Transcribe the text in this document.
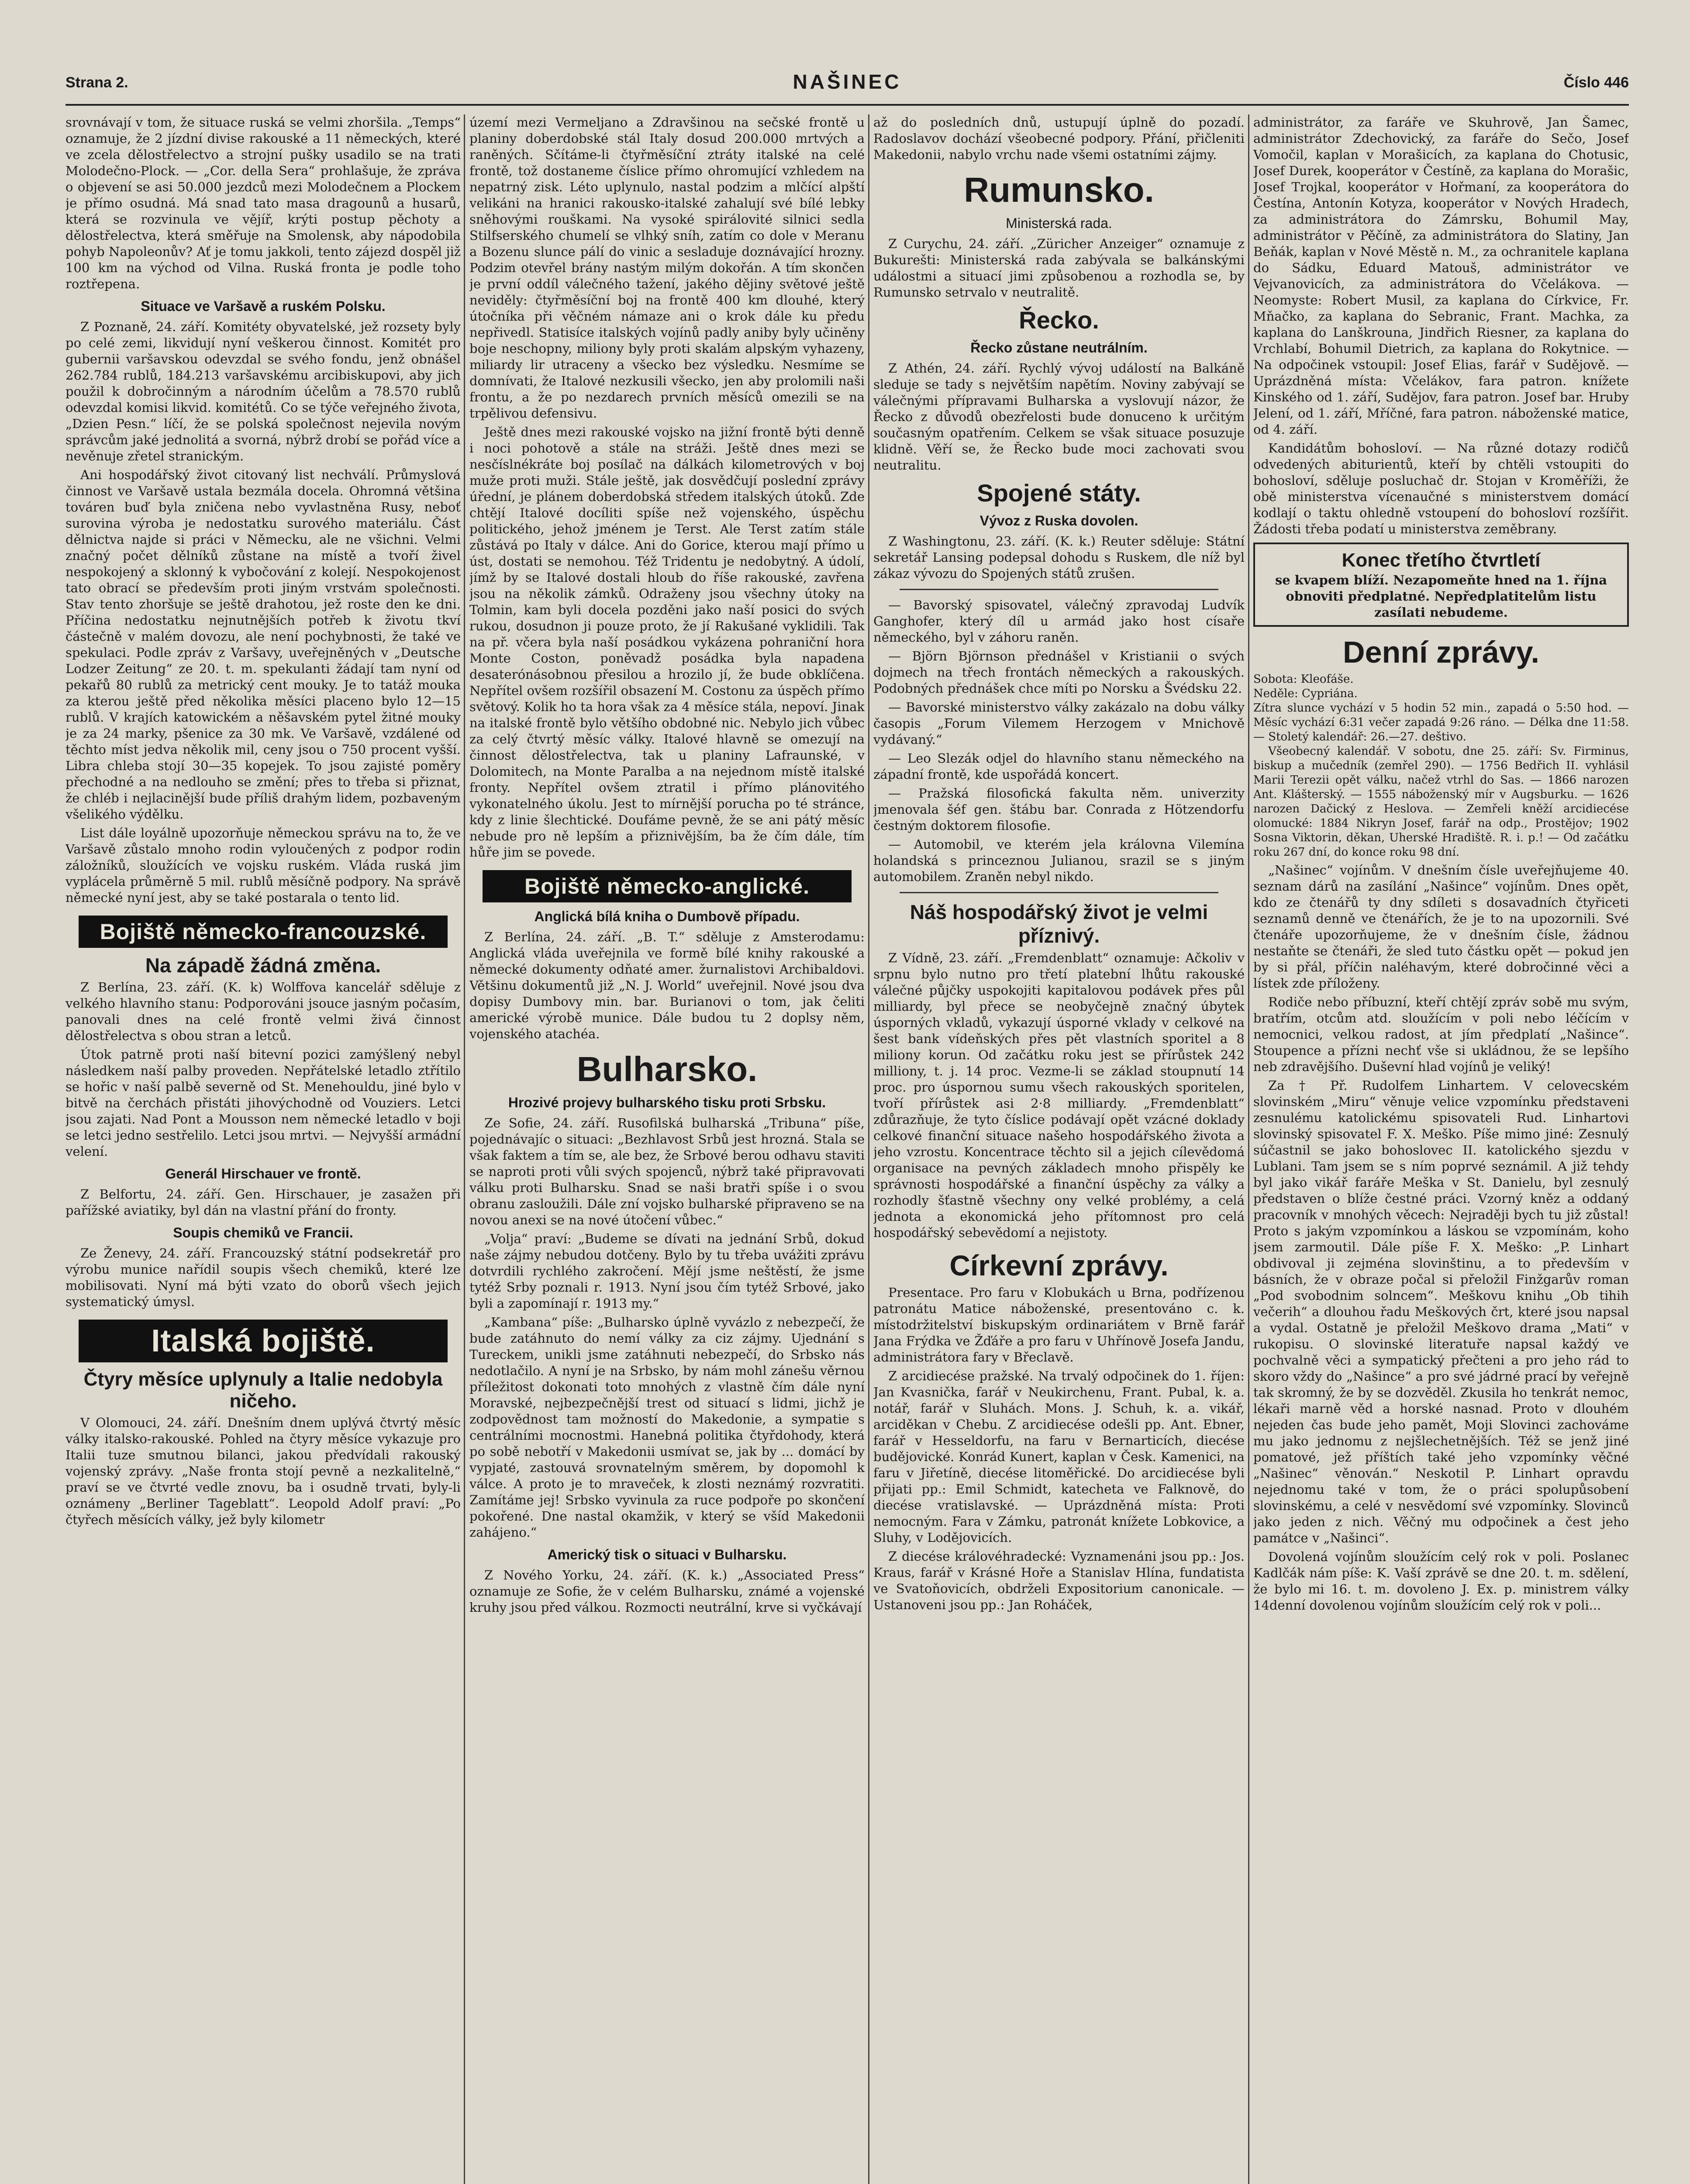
Strana 2.	NAŠINEC	Číslo 446

srovnávají v tom, že situace ruská se velmi zhoršila. „Temps“ oznamuje, že 2 jízdní divise rakouské a 11 německých, které ve zcela dělostřelectvo a strojní pušky usadilo se na trati Molodečno-Plock. — „Cor. della Sera“ prohlašuje, že zpráva o objevení se asi 50.000 jezdců mezi Molodečnem a Plockem je přímo osudná. Má snad tato masa dragounů a husarů, která se rozvinula ve vějíř, krýti postup pěchoty a dělostřelectva, která směřuje na Smolensk, aby nápodobila pohyb Napoleonův? Ať je tomu jakkoli, tento zájezd dospěl již 100 km na východ od Vilna. Ruská fronta je podle toho roztřepena.

Situace ve Varšavě a ruském Polsku.

Z Poznaně, 24. září. Komitéty obyvatelské, jež rozsety byly po celé zemi, likvidují nyní veškerou činnost. Komitét pro gubernii varšavskou odevzdal se svého fondu, jenž obnášel 262.784 rublů, 184.213 varšavskému arcibiskupovi, aby jich použil k dobročinným a národním účelům a 78.570 rublů odevzdal komisi likvid. komitétů. Co se týče veřejného života, „Dzien Pesn.“ líčí, že se polská společnost nejevila novým správcům jaké jednolitá a svorná, nýbrž drobí se pořád více a nevěnuje zřetel stranickým.

Ani hospodářský život citovaný list nechválí. Průmyslová činnost ve Varšavě ustala bezmála docela. Ohromná většina továren buď byla zničena nebo vyvlastněna Rusy, neboť surovina výroba je nedostatku surového materiálu. Část dělnictva najde si práci v Německu, ale ne všichni. Velmi značný počet dělníků zůstane na místě a tvoří živel nespokojený a sklonný k vybočování z kolejí. Nespokojenost tato obrací se především proti jiným vrstvám společnosti. Stav tento zhoršuje se ještě drahotou, jež roste den ke dni. Příčina nedostatku nejnutnějších potřeb k životu tkví částečně v malém dovozu, ale není pochybnosti, že také ve spekulaci. Podle zpráv z Varšavy, uveřejněných v „Deutsche Lodzer Zeitung“ ze 20. t. m. spekulanti žádají tam nyní od pekařů 80 rublů za metrický cent mouky. Je to tatáž mouka za kterou ještě před několika měsíci placeno bylo 12—15 rublů. V krajích katowickém a něšavském pytel žitné mouky je za 24 marky, pšenice za 30 mk. Ve Varšavě, vzdálené od těchto míst jedva několik mil, ceny jsou o 750 procent vyšší. Libra chleba stojí 30—35 kopejek. To jsou zajisté poměry přechodné a na nedlouho se změní; přes to třeba si přiznat, že chléb i nejlacinější bude příliš drahým lidem, pozbaveným všelikého výdělku.

List dále loyálně upozorňuje německou správu na to, že ve Varšavě zůstalo mnoho rodin vyloučených z podpor rodin záložníků, sloužících ve vojsku ruském. Vláda ruská jim vyplácela průměrně 5 mil. rublů měsíčně podpory. Na správě německé nyní jest, aby se také postarala o tento lid.

Bojiště německo-francouzské.
Na západě žádná změna.

Z Berlína, 23. září. (K. k) Wolffova kancelář sděluje z velkého hlavního stanu: Podporováni jsouce jasným počasím, panovali dnes na celé frontě velmi živá činnost dělostřelectva s obou stran a letců.

Útok patrně proti naší bitevní pozici zamýšlený nebyl následkem naší palby proveden. Nepřátelské letadlo ztřítilo se hořic v naší palbě severně od St. Menehouldu, jiné bylo v bitvě na čerchách přistáti jihovýchodně od Vouziers. Letci jsou zajati. Nad Pont a Mousson nem německé letadlo v boji se letci jedno sestřelilo. Letci jsou mrtvi. — Nejvyšší armádní velení.

Generál Hirschauer ve frontě.

Z Belfortu, 24. září. Gen. Hirschauer, je zasažen při pařížské aviatiky, byl dán na vlastní přání do fronty.

Soupis chemiků ve Francii.

Ze Ženevy, 24. září. Francouzský státní podsekretář pro výrobu munice nařídil soupis všech chemiků, které lze mobilisovati. Nyní má býti vzato do oborů všech jejich systematický úmysl.

Italská bojiště.
Čtyry měsíce uplynuly a Italie nedobyla ničeho.

V Olomouci, 24. září. Dnešním dnem uplývá čtvrtý měsíc války italsko-rakouské. Pohled na čtyry měsíce vykazuje pro Italii tuze smutnou bilanci, jakou předvídali rakouský vojenský zprávy. „Naše fronta stojí pevně a nezkalitelně,“ praví se ve čtvrté vedle znovu, ba i osudně trvati, byly-li oznámeny „Berliner Tageblatt“. Leopold Adolf praví: „Po čtyřech měsících války, jež byly kilometr

území mezi Vermeljano a Zdravšinou na sečské frontě u planiny doberdobské stál Italy dosud 200.000 mrtvých a raněných. Sčítáme-li čtyřměsíční ztráty italské na celé frontě, tož dostaneme číslice přímo ohromující vzhledem na nepatrný zisk. Léto uplynulo, nastal podzim a mlčící alpští velikáni na hranici rakousko-italské zahalují své bílé lebky sněhovými rouškami. Na vysoké spirálovité silnici sedla Stilfserského chumelí se vlhký sníh, zatím co dole v Meranu a Bozenu slunce pálí do vinic a sesladuje doznávající hrozny. Podzim otevřel brány nastým milým dokořán. A tím skončen je první oddíl válečného tažení, jakého dějiny světové ještě neviděly: čtyřměsíční boj na frontě 400 km dlouhé, který útočníka při věčném námaze ani o krok dále ku předu nepřivedl. Statisíce italských vojínů padly aniby byly učiněny boje neschopny, miliony byly proti skalám alpským vyhazeny, miliardy lir utraceny a všecko bez výsledku. Nesmíme se domnívati, že Italové nezkusili všecko, jen aby prolomili naši frontu, a že po nezdarech prvních měsíců omezili se na trpělivou defensivu.

Ještě dnes mezi rakouské vojsko na jižní frontě býti denně i noci pohotově a stále na stráži. Ještě dnes mezi se nesčíslnékráte boj posílač na dálkách kilometrových v boj muže proti muži. Stále ještě, jak dosvědčují poslední zprávy úřední, je plánem doberdobská středem italských útoků. Zde chtějí Italové docíliti spíše než vojenského, úspěchu politického, jehož jménem je Terst. Ale Terst zatím stále zůstává po Italy v dálce. Ani do Gorice, kterou mají přímo u úst, dostati se nemohou. Též Tridentu je nedobytný. A údolí, jímž by se Italové dostali hloub do říše rakouské, zavřena jsou na několik zámků. Odraženy jsou všechny útoky na Tolmin, kam byli docela pozděni jako naší posici do svých rukou, dosudnon ji pouze proto, že jí Rakušané vyklidili. Tak na př. včera byla naší posádkou vykázena pohraniční hora Monte Coston, poněvadž posádka byla napadena desaterónásobnou přesilou a hrozilo jí, že bude obklíčena. Nepřítel ovšem rozšířil obsazení M. Costonu za úspěch přímo světový. Kolik ho ta hora však za 4 měsíce stála, nepoví. Jinak na italské frontě bylo většího obdobné nic. Nebylo jich vůbec za celý čtvrtý měsíc války. Italové hlavně se omezují na činnost dělostřelectva, tak u planiny Lafraunské, v Dolomitech, na Monte Paralba a na nejednom místě italské fronty. Nepřítel ovšem ztratil i přímo plánovitého vykonatelného úkolu. Jest to mírnější porucha po té stránce, kdy z linie šlechtické. Doufáme pevně, že se ani pátý měsíc nebude pro ně lepším a přiznivějším, ba že čím dále, tím hůře jim se povede.

Bojiště německo-anglické.
Anglická bílá kniha o Dumbově případu.

Z Berlína, 24. září. „B. T.“ sděluje z Amsterodamu: Anglická vláda uveřejnila ve formě bílé knihy rakouské a německé dokumenty odňaté amer. žurnalistovi Archibaldovi. Většinu dokumentů již „N. J. World“ uveřejnil. Nové jsou dva dopisy Dumbovy min. bar. Burianovi o tom, jak čeliti americké výrobě munice. Dále budou tu 2 doplsy něm, vojenského atachéa.

Bulharsko.
Hrozivé projevy bulharského tisku proti Srbsku.

Ze Sofie, 24. září. Rusofilská bulharská „Tribuna“ píše, pojednávajíc o situaci: „Bezhlavost Srbů jest hrozná. Stala se však faktem a tím se, ale bez, že Srbové berou odhavu staviti se naproti proti vůli svých spojenců, nýbrž také připravovati válku proti Bulharsku. Snad se naši bratři spíše i o svou obranu zasloužili. Dále zní vojsko bulharské připraveno se na novou anexi se na nové útočení vůbec.“

„Volja“ praví: „Budeme se dívati na jednání Srbů, dokud naše zájmy nebudou dotčeny. Bylo by tu třeba uvážiti zprávu dotvrdili rychlého zakročení. Mějí jsme neštěstí, že jsme tytéž Srby poznali r. 1913. Nyní jsou čím tytéž Srbové, jako byli a zapomínají r. 1913 my.“

„Kambana“ píše: „Bulharsko úplně vyvázlo z nebezpečí, že bude zatáhnuto do nemí války za ciz zájmy. Ujednání s Tureckem, unikli jsme zatáhnuti nebezpečí, do Srbsko nás nedotlačilo. A nyní je na Srbsko, by nám mohl zánešu věrnou příležitost dokonati toto mnohých z vlastně čím dále nyní Moravské, nejbezpečnější trest od situací s lidmi, jichž je zodpovědnost tam možností do Makedonie, a sympatie s centrálními mocnostmi. Hanebná politika čtyřdohody, která po sobě nebotří v Makedonii usmívat se, jak by ... domácí by vypjaté, zastouvá srovnatelným směrem, by dopomohl k válce. A proto je to mraveček, k zlosti neznámý rozvratiti. Zamítáme jej! Srbsko vyvinula za ruce podpoře po skončení pokořené. Dne nastal okamžik, v který se všíd Makedonii zahájeno.“

Americký tisk o situaci v Bulharsku.

Z Nového Yorku, 24. září. (K. k.) „Associated Press“ oznamuje ze Sofie, že v celém Bulharsku, známé a vojenské kruhy jsou před válkou. Rozmocti neutrální, krve si vyčkávají

až do posledních dnů, ustupují úplně do pozadí. Radoslavov dochází všeobecné podpory. Přání, přičleniti Makedonii, nabylo vrchu nade všemi ostatními zájmy.

Rumunsko.
Ministerská rada.

Z Curychu, 24. září. „Züricher Anzeiger“ oznamuje z Bukurešti: Ministerská rada zabývala se balkánskými událostmi a situací jimi způsobenou a rozhodla se, by Rumunsko setrvalo v neutralitě.

Řecko.
Řecko zůstane neutrálním.

Z Athén, 24. září. Rychlý vývoj událostí na Balkáně sleduje se tady s největším napětím. Noviny zabývají se válečnými přípravami Bulharska a vyslovují názor, že Řecko z důvodů obezřelosti bude donuceno k určitým současným opatřením. Celkem se však situace posuzuje klidně. Věří se, že Řecko bude moci zachovati svou neutralitu.

Spojené státy.
Vývoz z Ruska dovolen.

Z Washingtonu, 23. září. (K. k.) Reuter sděluje: Státní sekretář Lansing podepsal dohodu s Ruskem, dle níž byl zákaz vývozu do Spojených států zrušen.

— Bavorský spisovatel, válečný zpravodaj Ludvík Ganghofer, který díl u armád jako host císaře německého, byl v záhoru raněn.

— Björn Björnson přednášel v Kristianii o svých dojmech na třech frontách německých a rakouských. Podobných přednášek chce míti po Norsku a Švédsku 22.

— Bavorské ministerstvo války zakázalo na dobu války časopis „Forum Vilemem Herzogem v Mnichově vydávaný.“

— Leo Slezák odjel do hlavního stanu německého na západní frontě, kde uspořádá koncert.

— Pražská filosofická fakulta něm. univerzity jmenovala šéf gen. štábu bar. Conrada z Hötzendorfu čestným doktorem filosofie.

— Automobil, ve kterém jela královna Vilemína holandská s princeznou Julianou, srazil se s jiným automobilem. Zraněn nebyl nikdo.

Náš hospodářský život je velmi příznivý.

Z Vídně, 23. září. „Fremdenblatt“ oznamuje: Ačkoliv v srpnu bylo nutno pro třetí platební lhůtu rakouské válečné půjčky uspokojiti kapitalovou podávek přes půl milliardy, byl přece se neobyčejně značný úbytek úsporných vkladů, vykazují úsporné vklady v celkové na šest bank vídeňských přes pět vlastních sporitel a 8 miliony korun. Od začátku roku jest se přírůstek 242 milliony, t. j. 14 proc. Vezme-li se základ stoupnutí 14 proc. pro úspornou sumu všech rakouských sporitelen, tvoří přírůstek asi 2·8 milliardy. „Fremdenblatt“ zdůrazňuje, že tyto číslice podávají opět vzácné doklady celkové finanční situace našeho hospodářského života a jeho vzrostu. Koncentrace těchto sil a jejich cílevědomá organisace na pevných základech mnoho přispěly ke správnosti hospodářské a finanční úspěchy za války a rozhodly šťastně všechny ony velké problémy, a celá jednota a ekonomická jeho přítomnost pro celá hospodářský sebevědomí a nejistoty.

Církevní zprávy.

Presentace. Pro faru v Klobukách u Brna, podřízenou patronátu Matice náboženské, presentováno c. k. místodržitelství biskupským ordinariátem v Brně farář Jana Frýdka ve Žďáře a pro faru v Uhřínově Josefa Jandu, administrátora fary v Břeclavě.

Z arcidiecése pražské. Na trvalý odpočinek do 1. říjen: Jan Kvasnička, farář v Neukirchenu, Frant. Pubal, k. a. notář, farář v Sluhách. Mons. J. Schuh, k. a. vikář, arciděkan v Chebu. Z arcidiecése odešli pp. Ant. Ebner, farář v Hesseldorfu, na faru v Bernarticích, diecése budějovické. Konrád Kunert, kaplan v Česk. Kamenici, na faru v Jiřetíně, diecése litoměřické. Do arcidiecése byli přijati pp.: Emil Schmidt, katecheta ve Falknově, do diecése vratislavské. — Uprázdněná místa: Proti nemocným. Fara v Zámku, patronát knížete Lobkovice, a Sluhy, v Lodějovicích.

Z diecése královéhradecké: Vyznamenáni jsou pp.: Jos. Kraus, farář v Krásné Hoře a Stanislav Hlína, fundatista ve Svatoňovicích, obdrželi Expositorium canonicale. — Ustanoveni jsou pp.: Jan Roháček,

administrátor, za faráře ve Skuhrově, Jan Šamec, administrátor Zdechovický, za faráře do Sečo, Josef Vomočil, kaplan v Morašicích, za kaplana do Chotusic, Josef Durek, kooperátor v Čestíně, za kaplana do Morašic, Josef Trojkal, kooperátor v Hořmaní, za kooperátora do Čestína, Antonín Kotyza, kooperátor v Nových Hradech, za administrátora do Zámrsku, Bohumil May, administrátor v Pěčíně, za administrátora do Slatiny, Jan Beňák, kaplan v Nové Městě n. M., za ochranitele kaplana do Sádku, Eduard Matouš, administrátor ve Vejvanovicích, za administrátora do Včelákova. — Neomyste: Robert Musil, za kaplana do Církvice, Fr. Mňačko, za kaplana do Sebranic, Frant. Machka, za kaplana do Lanškrouna, Jindřich Riesner, za kaplana do Vrchlabí, Bohumil Dietrich, za kaplana do Rokytnice. — Na odpočinek vstoupil: Josef Elias, farář v Sudějově. — Uprázdněná místa: Včelákov, fara patron. knížete Kinského od 1. září, Sudějov, fara patron. Josef bar. Hruby Jelení, od 1. září, Mříčné, fara patron. náboženské matice, od 4. září.

Kandidátům bohosloví. — Na různé dotazy rodičů odvedených abiturientů, kteří by chtěli vstoupiti do bohosloví, sděluje posluchač dr. Stojan v Kroměříži, že obě ministerstva vícenaučné s ministerstvem domácí kodlají o taktu ohledně vstoupení do bohosloví rozšířit. Žádosti třeba podatí u ministerstva zeměbrany.

Konec třetího čtvrtletí
se kvapem blíží. Nezapomeňte hned na 1. října obnoviti předplatné. Nepředplatitelům listu zasílati nebudeme.
Denní zprávy.
Sobota: Kleofáše.
Neděle: Cypriána.
Zítra slunce vychází v 5 hodin 52 min., zapadá o 5:50 hod. — Měsíc vychází 6:31 večer zapadá 9:26 ráno. — Délka dne 11:58. — Stoletý kalendář: 26.—27. deštivo.

Všeobecný kalendář. V sobotu, dne 25. září: Sv. Firminus, biskup a mučedník (zemřel 290). — 1756 Bedřich II. vyhlásil Marii Terezii opět válku, načež vtrhl do Sas. — 1866 narozen Ant. Klášterský. — 1555 náboženský mír v Augsburku. — 1626 narozen Dačický z Heslova. — Zemřeli kněží arcidiecése olomucké: 1884 Nikryn Josef, farář na odp., Prostějov; 1902 Sosna Viktorin, děkan, Uherské Hradiště. R. i. p.! — Od začátku roku 267 dní, do konce roku 98 dní.

„Našinec“ vojínům. V dnešním čísle uveřejňujeme 40. seznam dárů na zasílání „Našince“ vojínům. Dnes opět, kdo ze čtenářů ty dny sdíleti s dosavadních čtyřiceti seznamů denně ve čtenářích, že je to na upozornili. Své čtenáře upozorňujeme, že v dnešním čísle, žádnou nestaňte se čtenáři, že sled tuto částku opět — pokud jen by si přál, příčin naléhavým, které dobročinné věci a lístek zde příloženy.

Rodiče nebo příbuzní, kteří chtějí zpráv sobě mu svým, bratřím, otcům atd. sloužícím v poli nebo léčícím v nemocnici, velkou radost, at jím předplatí „Našince“. Stoupence a přízni nechť vše si ukládnou, že se lepšího neb zdravějšího. Duševní hlad vojínů je veliký!

Za † Př. Rudolfem Linhartem. V celovecském slovinském „Miru“ věnuje velice vzpomínku představeni zesnulému katolickému spisovateli Rud. Linhartovi slovinský spisovatel F. X. Meško. Píše mimo jiné: Zesnulý súčastnil se jako bohoslovec II. katolického sjezdu v Lublani. Tam jsem se s ním poprvé seznámil. A již tehdy byl jako vikář faráře Meška v St. Danielu, byl zesnulý představen o blíže čestné práci. Vzorný kněz a oddaný pracovník v mnohých věcech: Nejraději bych tu již zůstal! Proto s jakým vzpomínkou a láskou se vzpomínám, koho jsem zarmoutil. Dále píše F. X. Meško: „P. Linhart obdivoval ji zejména slovinštinu, a to především v básních, že v obraze počal si přeložil Finžgarův roman „Pod svobodnim solncem“. Meškovu knihu „Ob tihih večerih“ a dlouhou řadu Meškových črt, které jsou napsal a vydal. Ostatně je přeložil Meškovo drama „Mati“ v rukopisu. O slovinské literatuře napsal každý ve pochvalně věci a sympatický přečteni a pro jeho rád to skoro vždy do „Našince“ a pro své jádrné prací by veřejně tak skromný, že by se dozvěděl. Zkusila ho tenkrát nemoc, lékaři marně věd a horské nasnad. Proto v dlouhém nejeden čas bude jeho pamět, Moji Slovinci zachováme mu jako jednomu z nejšlechetnějších. Též se jenž jiné pomatové, jež příštích také jeho vzpomínky věčné „Našinec“ věnován.“ Neskotil P. Linhart opravdu nejednomu také v tom, že o práci spolupůsobení slovinskému, a celé v nesvědomí své vzpomínky. Slovinců jako jeden z nich. Věčný mu odpočinek a čest jeho památce v „Našinci“.

Dovolená vojínům sloužícím celý rok v poli. Poslanec Kadlčák nám píše: K. Vaší zprávě se dne 20. t. m. sdělení, že bylo mi 16. t. m. dovoleno J. Ex. p. ministrem války 14denní dovolenou vojínům sloužícím celý rok v poli...
